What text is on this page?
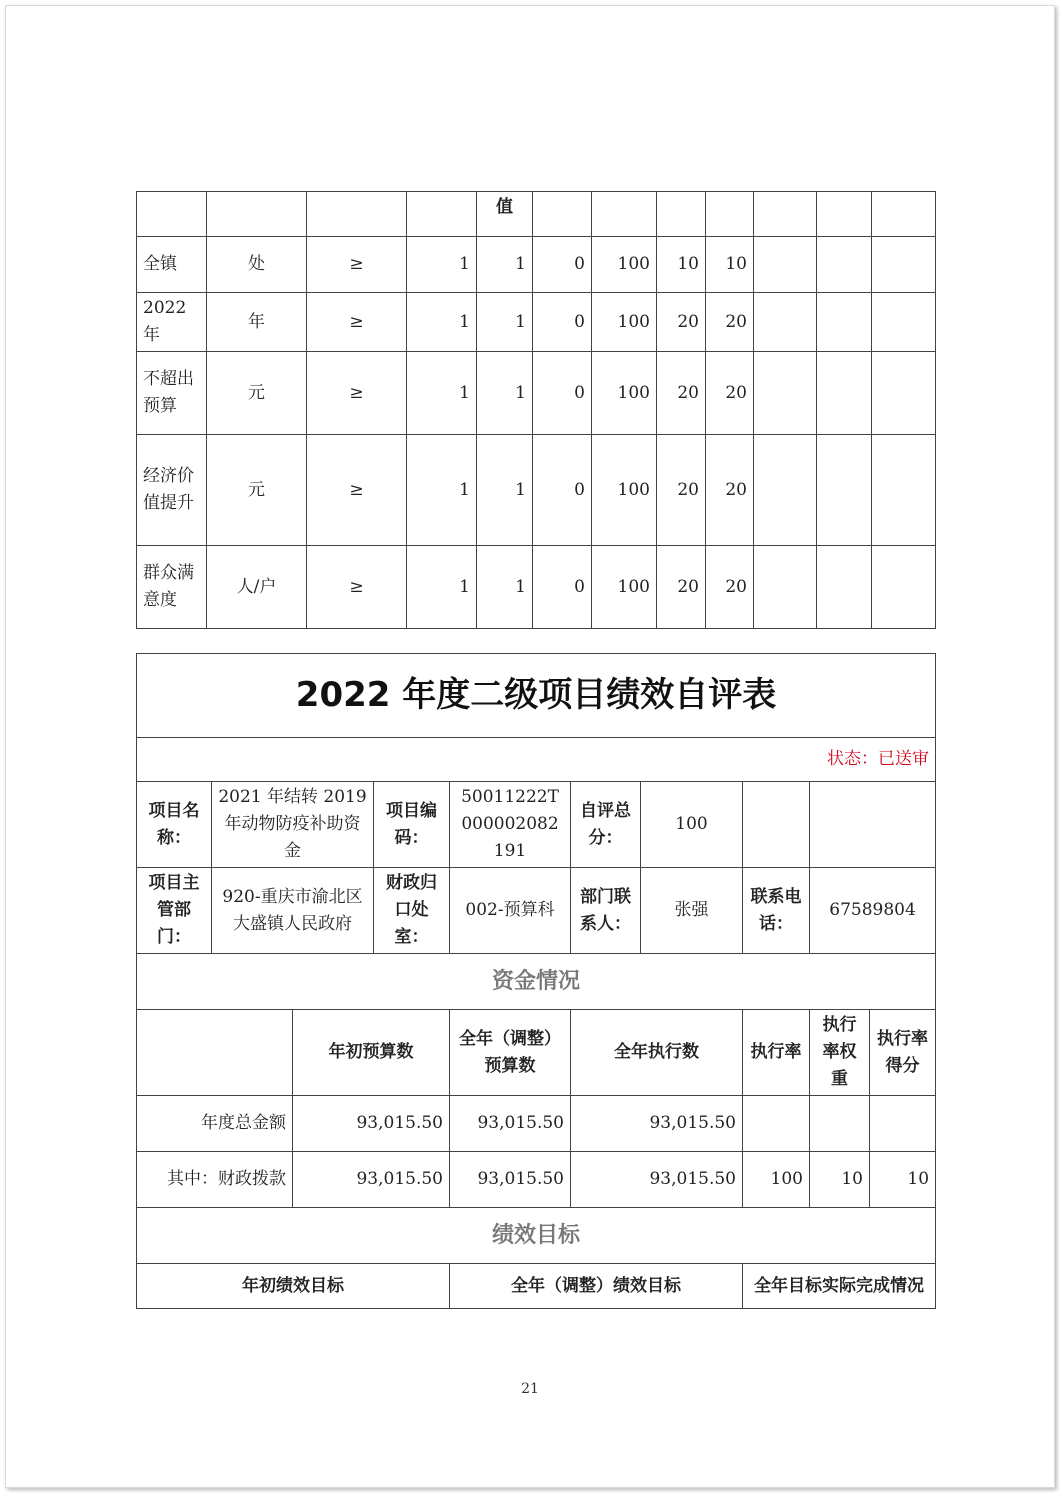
				值							
全镇	处	≥	1	1	0	100	10	10			
2022年	年	≥	1	1	0	100	20	20			
不超出预算	元	≥	1	1	0	100	20	20			
经济价值提升	元	≥	1	1	0	100	20	20			
群众满意度	人/户	≥	1	1	0	100	20	20			
2022 年度二级项目绩效自评表									
状态：已送审									
项目名称：	2021 年结转 2019 年动物防疫补助资金		项目编码：	50011222T000002082191	自评总分：	100			
项目主管部门：	920-重庆市渝北区大盛镇人民政府		财政归口处室：	002-预算科	部门联系人：	张强	联系电话：	67589804	
资金情况									
		年初预算数		全年（调整）预算数	全年执行数		执行率	执行率权重	执行率得分
年度总金额		93,015.50		93,015.50	93,015.50				
其中：财政拨款		93,015.50		93,015.50	93,015.50		100	10	10
绩效目标									
年初绩效目标				全年（调整）绩效目标			全年目标实际完成情况		
21
